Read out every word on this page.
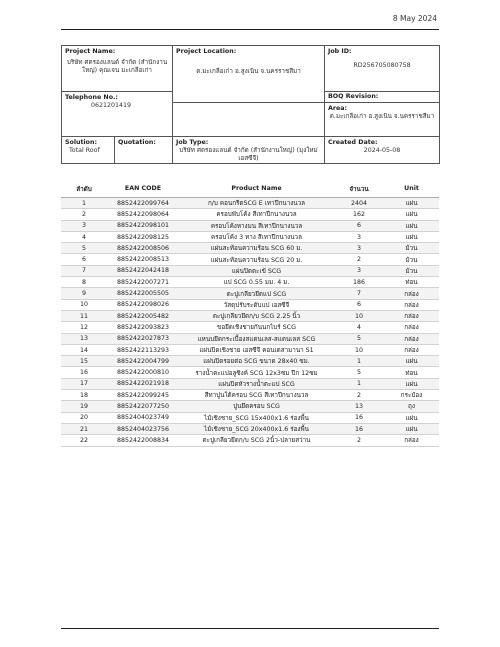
8 May 2024
Project Name:
บริษัท ศตรองแลนด์ จำกัด (สำนักงานใหญ่) คุณเจน มะเกลือเก่า		Project Location:
ต.มะเกลือเก่า อ.สูงเนิน จ.นครราชสีมา	Job ID:
RD256705080758

Telephone No.:
0621201419			BOQ Revision:

			Area:
ต.มะเกลือเก่า อ.สูงเนิน จ.นครราชสีมา

Solution:
Total Roof	Quotation:	Job Type:
บริษัท ศตรองแลนด์ จำกัด (สำนักงานใหญ่) (มุงใหม่เอสซีจี)	Created Date:
2024-05-08
ลำดับ	EAN CODE	Product Name	จำนวน	Unit
1	8852422099764	ก/บ คอนกรีตSCG E เทาปีกนางนวล	2404	แผ่น
2	8852422098064	ครอบพับโค้ง สีเทาปีกนางนวล	162	แผ่น
3	8852422098101	ครอบโค้งหางมน สีเทาปีกนางนวล	6	แผ่น
4	8852422098125	ครอบโค้ง 3 ทาง สีเทาปีกนางนวล	3	แผ่น
5	8852422008506	แผ่นสะท้อนความร้อน SCG 60 ม.	3	ม้วน
6	8852422008513	แผ่นสะท้อนความร้อน SCG 20 ม.	2	ม้วน
7	8852422042418	แผ่นปิดตะเข้ SCG	3	ม้วน
8	8852422007271	แป SCG 0.55 มม. 4 ม.	186	ท่อน
9	8852422005505	ตะปูเกลียวยึดแป SCG	7	กล่อง
10	8852422098026	วัสดุปรับระดับแป เอสซีจี	6	กล่อง
11	8852422005482	ตะปูเกลียวยึดก/บ SCG 2.25 นิ้ว	10	กล่อง
12	8852422093823	ขอยึดเชิงชายกันนกไบร์ SCG	4	กล่อง
13	8852422027873	แหนบยึดกระเบื้องสแตนเลส-สแตนเลส SCG	5	กล่อง
14	8852422113293	แผ่นปิดเชิงชาย เอสซีจี คอนเดสามานา S1	10	กล่อง
15	8852422004799	แผ่นปิดรอยต่อ SCG ขนาด 28x40 ซม.	1	แผ่น
16	8852422000810	รางน้ำตะแปอลูซิงค์ SCG 12x3ซม ปีก 12ซม	5	ท่อน
17	8852422021918	แผ่นปิดหัวรางน้ำตะแป SCG	1	แผ่น
18	8852422099245	สีทาปูนใต้ครอบ SCG สีเทาปีกนางนวล	2	กระป๋อง
19	8852422077250	ปูนยึดครอบ SCG	13	ถุง
20	8852404023749	ไม้เชิงชาย_SCG 15x400x1.6 ร่องพื้น	16	แผ่น
21	8852404023756	ไม้เชิงชาย_SCG 20x400x1.6 ร่องพื้น	16	แผ่น
22	8852422008834	ตะปูเกลียวยึดก/บ SCG 2นิ้ว-ปลายสว่าน	2	กล่อง
